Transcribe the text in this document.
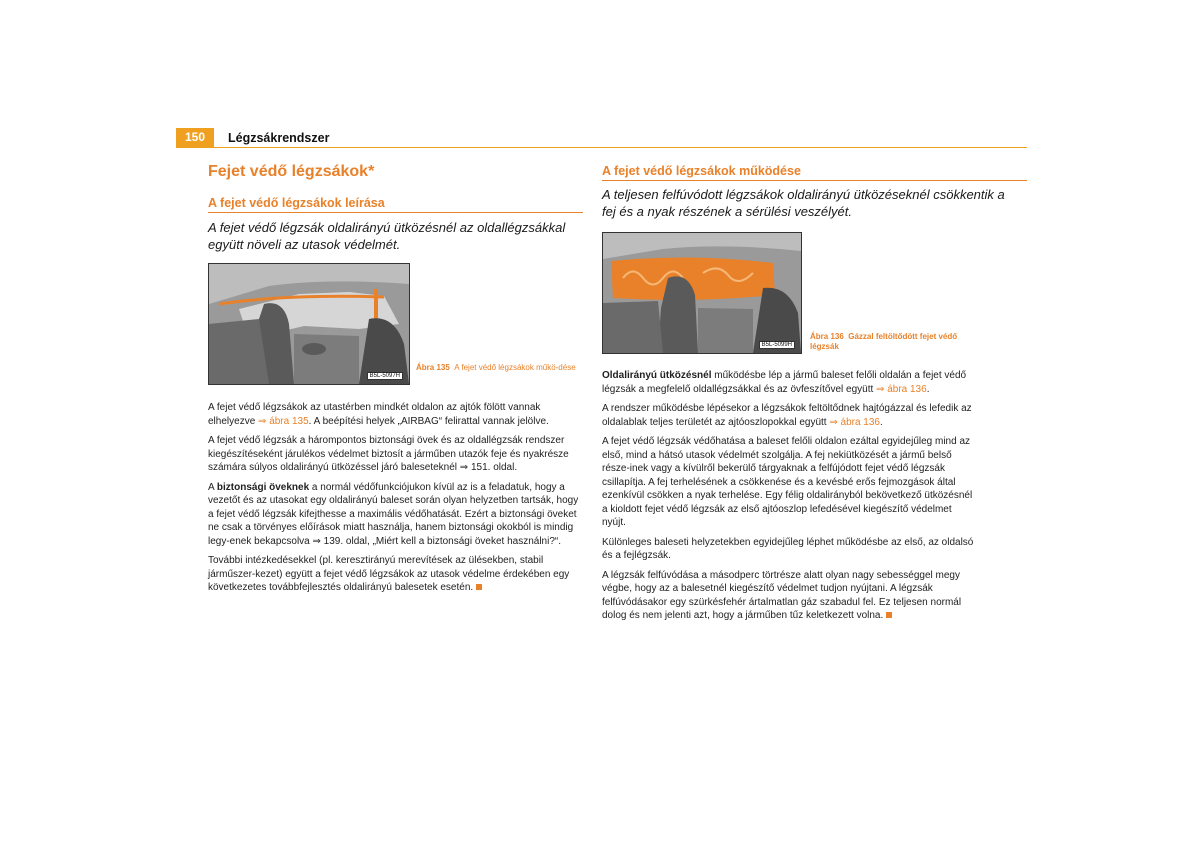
150	Légzsákrendszer
Fejet védő légzsákok*
A fejet védő légzsákok leírása
A fejet védő légzsák oldalirányú ütközésnél az oldallégzsákkal együtt növeli az utasok védelmét.
B5L-5097H
Ábra 135 A fejet védő légzsákok műkö-dése

A fejet védő légzsákok az utastérben mindkét oldalon az ajtók fölött vannak elhelyezve ⇒ ábra 135. A beépítési helyek „AIRBAG“ felirattal vannak jelölve.

A fejet védő légzsák a hárompontos biztonsági övek és az oldallégzsák rendszer kiegészítéseként járulékos védelmet biztosít a járműben utazók feje és nyakrésze számára súlyos oldalirányú ütközéssel járó baleseteknél ⇒ 151. oldal.

A biztonsági öveknek a normál védőfunkciójukon kívül az is a feladatuk, hogy a vezetőt és az utasokat egy oldalirányú baleset során olyan helyzetben tartsák, hogy a fejet védő légzsák kifejthesse a maximális védőhatását. Ezért a biztonsági öveket ne csak a törvényes előírások miatt használja, hanem biztonsági okokból is mindig legy-enek bekapcsolva ⇒ 139. oldal, „Miért kell a biztonsági öveket használni?“.

További intézkedésekkel (pl. keresztirányú merevítések az ülésekben, stabil járműszer-kezet) együtt a fejet védő légzsákok az utasok védelme érdekében egy következetes továbbfejlesztés oldalirányú balesetek esetén.

A fejet védő légzsákok működése
A teljesen felfúvódott légzsákok oldalirányú ütközéseknél csökkentik a fej és a nyak részének a sérülési veszélyét.
B5L-5099H
Ábra 136 Gázzal feltöltődött fejet védő légzsák

Oldalirányú ütközésnél működésbe lép a jármű baleset felőli oldalán a fejet védő légzsák a megfelelő oldallégzsákkal és az övfeszítővel együtt ⇒ ábra 136.

A rendszer működésbe lépésekor a légzsákok feltöltődnek hajtógázzal és lefedik az oldalablak teljes területét az ajtóoszlopokkal együtt ⇒ ábra 136.

A fejet védő légzsák védőhatása a baleset felőli oldalon ezáltal egyidejűleg mind az első, mind a hátsó utasok védelmét szolgálja. A fej nekiütközését a jármű belső része-inek vagy a kívülről bekerülő tárgyaknak a felfújódott fejet védő légzsák csillapítja. A fej terhelésének a csökkenése és a kevésbé erős fejmozgások által ezenkívül csökken a nyak terhelése. Egy félig oldalirányból bekövetkező ütközésnél a kioldott fejet védő légzsák az első ajtóoszlop lefedésével kiegészítő védelmet nyújt.

Különleges baleseti helyzetekben egyidejűleg léphet működésbe az első, az oldalsó és a fejlégzsák.

A légzsák felfúvódása a másodperc törtrésze alatt olyan nagy sebességgel megy végbe, hogy az a balesetnél kiegészítő védelmet tudjon nyújtani. A légzsák felfúvódásakor egy szürkésfehér ártalmatlan gáz szabadul fel. Ez teljesen normál dolog és nem jelenti azt, hogy a járműben tűz keletkezett volna.
